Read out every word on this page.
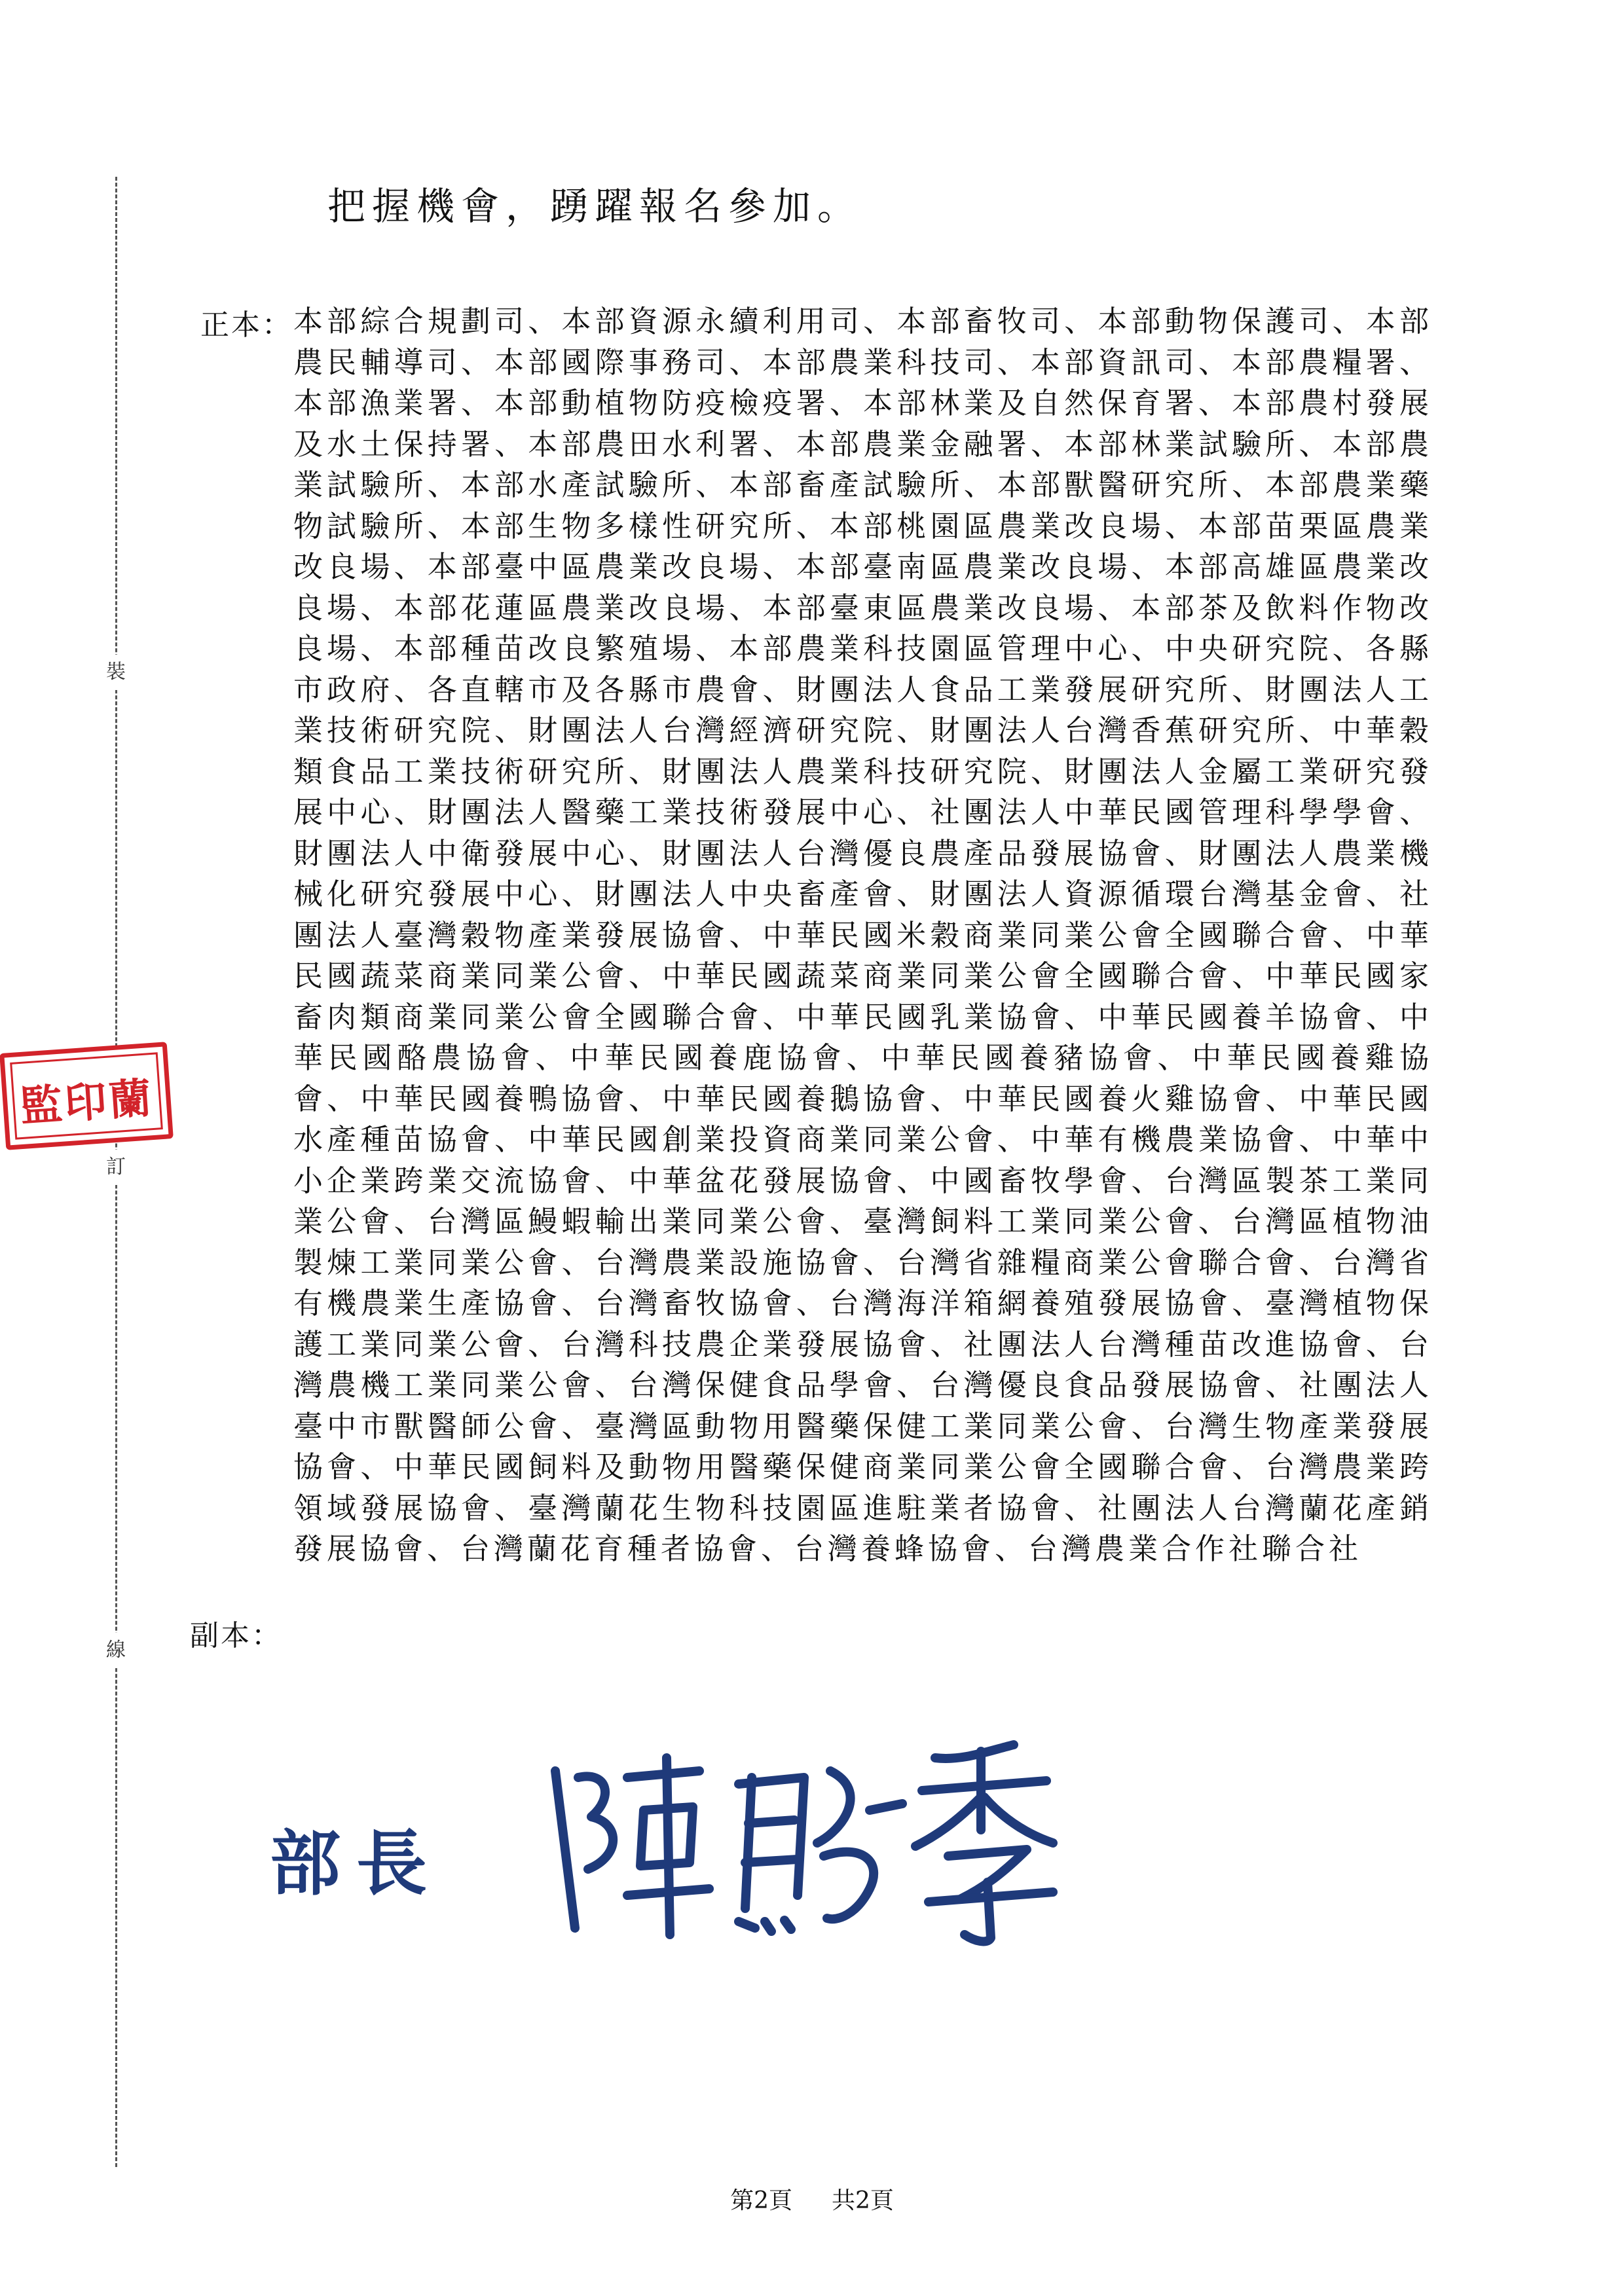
裝
訂
線
監印蘭
把握機會，踴躍報名參加。
正本： 本部綜合規劃司、本部資源永續利用司、本部畜牧司、本部動物保護司、本部農民輔導司、本部國際事務司、本部農業科技司、本部資訊司、本部農糧署、本部漁業署、本部動植物防疫檢疫署、本部林業及自然保育署、本部農村發展及水土保持署、本部農田水利署、本部農業金融署、本部林業試驗所、本部農業試驗所、本部水產試驗所、本部畜產試驗所、本部獸醫研究所、本部農業藥物試驗所、本部生物多樣性研究所、本部桃園區農業改良場、本部苗栗區農業改良場、本部臺中區農業改良場、本部臺南區農業改良場、本部高雄區農業改良場、本部花蓮區農業改良場、本部臺東區農業改良場、本部茶及飲料作物改良場、本部種苗改良繁殖場、本部農業科技園區管理中心、中央研究院、各縣市政府、各直轄市及各縣市農會、財團法人食品工業發展研究所、財團法人工業技術研究院、財團法人台灣經濟研究院、財團法人台灣香蕉研究所、中華穀類食品工業技術研究所、財團法人農業科技研究院、財團法人金屬工業研究發展中心、財團法人醫藥工業技術發展中心、社團法人中華民國管理科學學會、財團法人中衛發展中心、財團法人台灣優良農產品發展協會、財團法人農業機械化研究發展中心、財團法人中央畜產會、財團法人資源循環台灣基金會、社團法人臺灣穀物產業發展協會、中華民國米穀商業同業公會全國聯合會、中華民國蔬菜商業同業公會、中華民國蔬菜商業同業公會全國聯合會、中華民國家畜肉類商業同業公會全國聯合會、中華民國乳業協會、中華民國養羊協會、中華民國酪農協會、中華民國養鹿協會、中華民國養豬協會、中華民國養雞協會、中華民國養鴨協會、中華民國養鵝協會、中華民國養火雞協會、中華民國水產種苗協會、中華民國創業投資商業同業公會、中華有機農業協會、中華中小企業跨業交流協會、中華盆花發展協會、中國畜牧學會、台灣區製茶工業同業公會、台灣區鰻蝦輸出業同業公會、臺灣飼料工業同業公會、台灣區植物油製煉工業同業公會、台灣農業設施協會、台灣省雜糧商業公會聯合會、台灣省有機農業生產協會、台灣畜牧協會、台灣海洋箱網養殖發展協會、臺灣植物保護工業同業公會、台灣科技農企業發展協會、社團法人台灣種苗改進協會、台灣農機工業同業公會、台灣保健食品學會、台灣優良食品發展協會、社團法人臺中市獸醫師公會、臺灣區動物用醫藥保健工業同業公會、台灣生物產業發展協會、中華民國飼料及動物用醫藥保健商業同業公會全國聯合會、台灣農業跨領域發展協會、臺灣蘭花生物科技園區進駐業者協會、社團法人台灣蘭花產銷發展協會、台灣蘭花育種者協會、台灣養蜂協會、台灣農業合作社聯合社
副本：
部長
第2頁 共2頁
